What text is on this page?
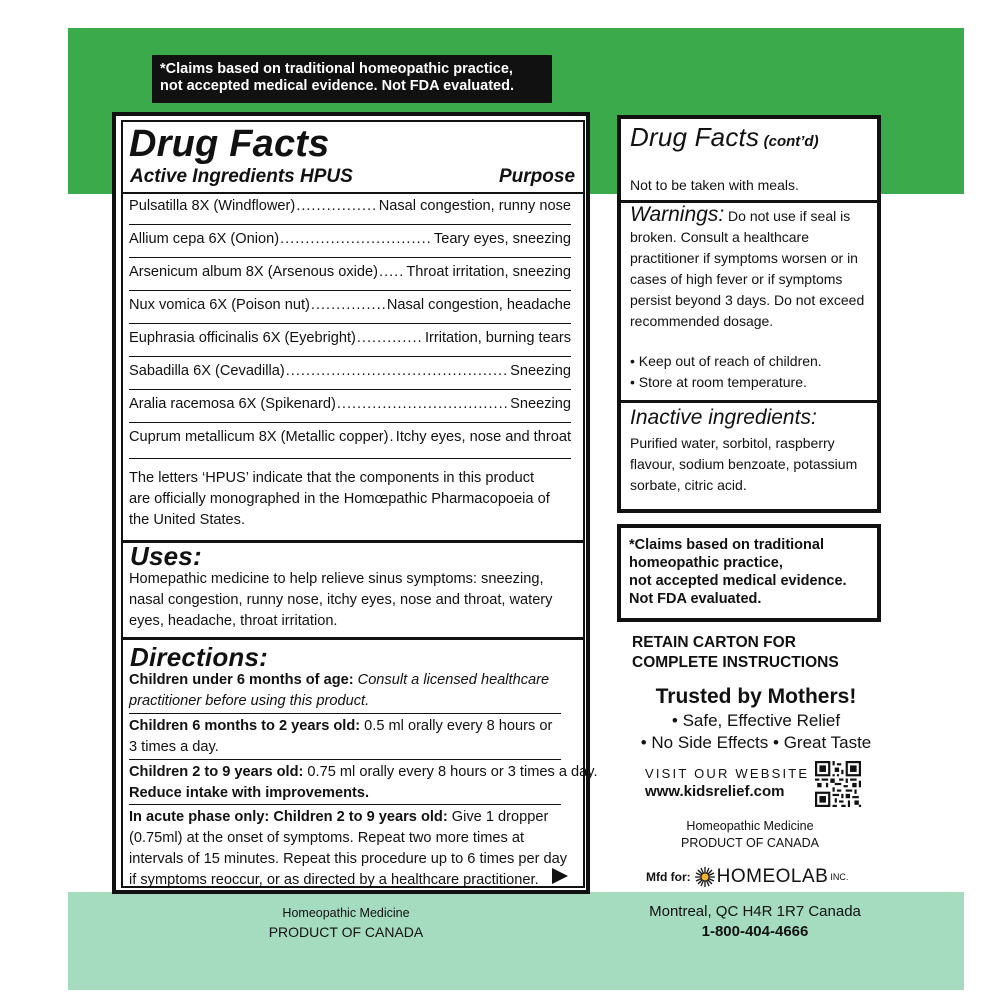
*Claims based on traditional homeopathic practice,
not accepted medical evidence. Not FDA evaluated.
Drug Facts
Active Ingredients HPUS	Purpose
Pulsatilla 8X (Windflower) .....	Nasal congestion, runny nose
Allium cepa 6X (Onion) .....	Teary eyes, sneezing
Arsenicum album 8X (Arsenous oxide) ..... Throat irritation, sneezing
Nux vomica 6X (Poison nut) .....	Nasal congestion, headache
Euphrasia officinalis 6X (Eyebright) .....	Irritation, burning tears
Sabadilla 6X (Cevadilla) .....	Sneezing
Aralia racemosa 6X (Spikenard) .....	Sneezing
Cuprum metallicum 8X (Metallic copper) ..... Itchy eyes, nose and throat
The letters ‘HPUS’ indicate that the components in this product
are officially monographed in the Homœpathic Pharmacopoeia of
the United States.
Uses:
Homepathic medicine to help relieve sinus symptoms: sneezing,
nasal congestion, runny nose, itchy eyes, nose and throat, watery
eyes, headache, throat irritation.
Directions:
Children under 6 months of age: Consult a licensed healthcare
practitioner before using this product.
Children 6 months to 2 years old: 0.5 ml orally every 8 hours or
3 times a day.
Children 2 to 9 years old: 0.75 ml orally every 8 hours or 3 times a day.
Reduce intake with improvements.
In acute phase only: Children 2 to 9 years old: Give 1 dropper
(0.75ml) at the onset of symptoms. Repeat two more times at
intervals of 15 minutes. Repeat this procedure up to 6 times per day
if symptoms reoccur, or as directed by a healthcare practitioner.
Drug Facts (cont’d)
Not to be taken with meals.
Warnings: Do not use if seal is
broken. Consult a healthcare
practitioner if symptoms worsen or in
cases of high fever or if symptoms
persist beyond 3 days. Do not exceed
recommended dosage.
• Keep out of reach of children.
• Store at room temperature.
Inactive ingredients:
Purified water, sorbitol, raspberry
flavour, sodium benzoate, potassium
sorbate, citric acid.
*Claims based on traditional
homeopathic practice,
not accepted medical evidence.
Not FDA evaluated.
RETAIN CARTON FOR
COMPLETE INSTRUCTIONS
Trusted by Mothers!
• Safe, Effective Relief
• No Side Effects • Great Taste
VISIT OUR WEBSITE
www.kidsrelief.com
Homeopathic Medicine
PRODUCT OF CANADA
Mfd for: HOMEOLAB INC.
Montreal, QC H4R 1R7 Canada
1-800-404-4666
Homeopathic Medicine
PRODUCT OF CANADA
